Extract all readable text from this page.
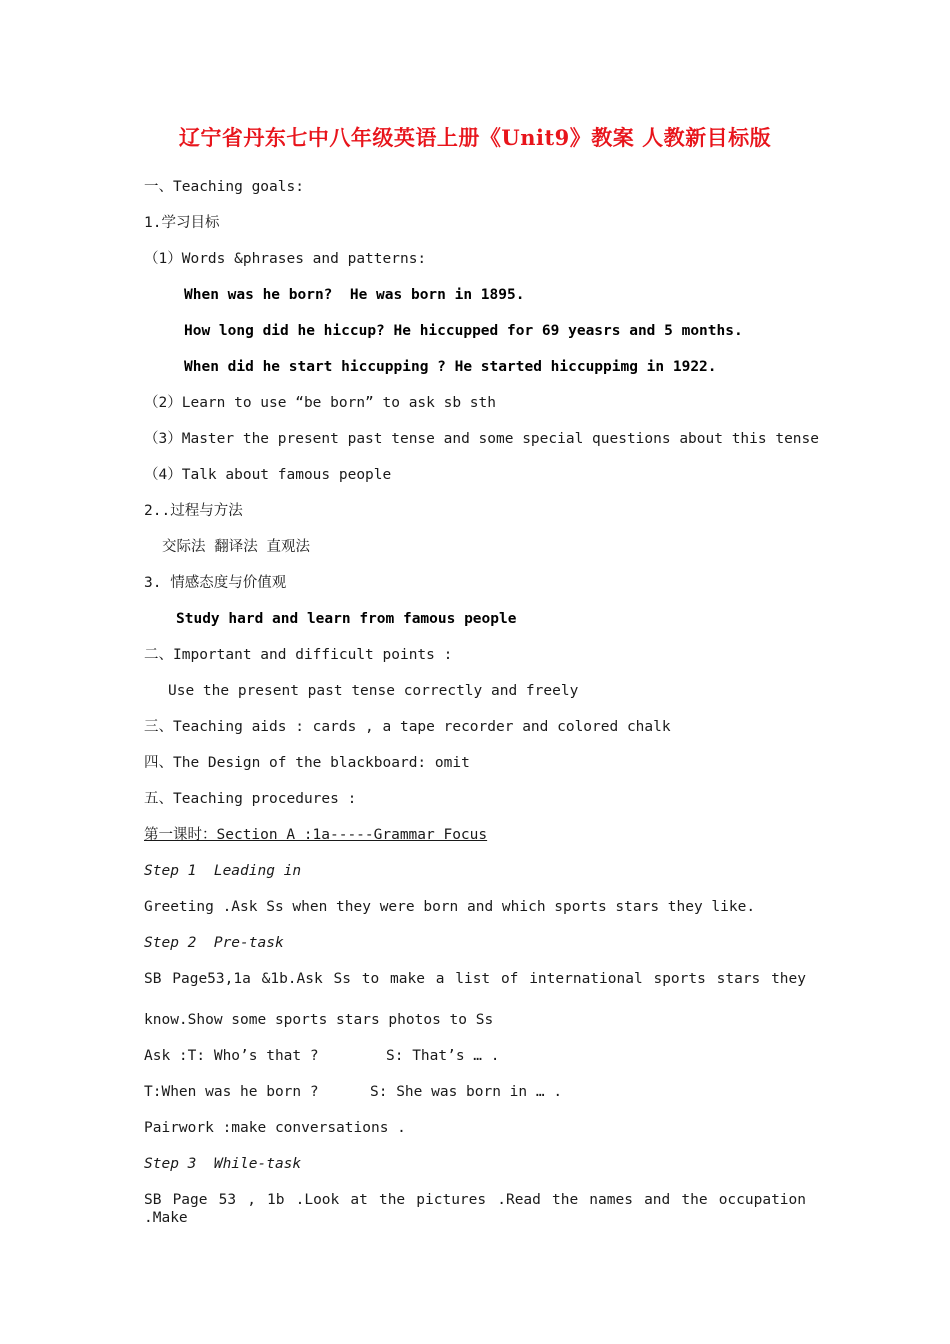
辽宁省丹东七中八年级英语上册《Unit9》教案 人教新目标版
一、Teaching goals:
1.学习目标
（1）Words &phrases and patterns:
When was he born?  He was born in 1895.
How long did he hiccup? He hiccupped for 69 yeasrs and 5 months.
When did he start hiccupping ? He started hiccuppimg in 1922.
（2）Learn to use “be born” to ask sb sth
（3）Master the present past tense and some special questions about this tense
（4）Talk about famous people
2..过程与方法
交际法 翻译法 直观法
3. 情感态度与价值观
Study hard and learn from famous people
二、Important and difficult points :
Use the present past tense correctly and freely
三、Teaching aids : cards , a tape recorder and colored chalk
四、The Design of the blackboard: omit
五、Teaching procedures :
第一课时：Section A :1a-----Grammar Focus
Step 1  Leading in
Greeting .Ask Ss when they were born and which sports stars they like.
Step 2  Pre-task
SB Page53,1a &1b.Ask Ss to make a list of international sports stars they
know.Show some sports stars photos to Ss
Ask :T: Who’s that ?	S: That’s … .
T:When was he born ?	S: She was born in … .
Pairwork :make conversations .
Step 3  While-task
SB Page 53 , 1b .Look at the pictures .Read the names and the occupation .Make
